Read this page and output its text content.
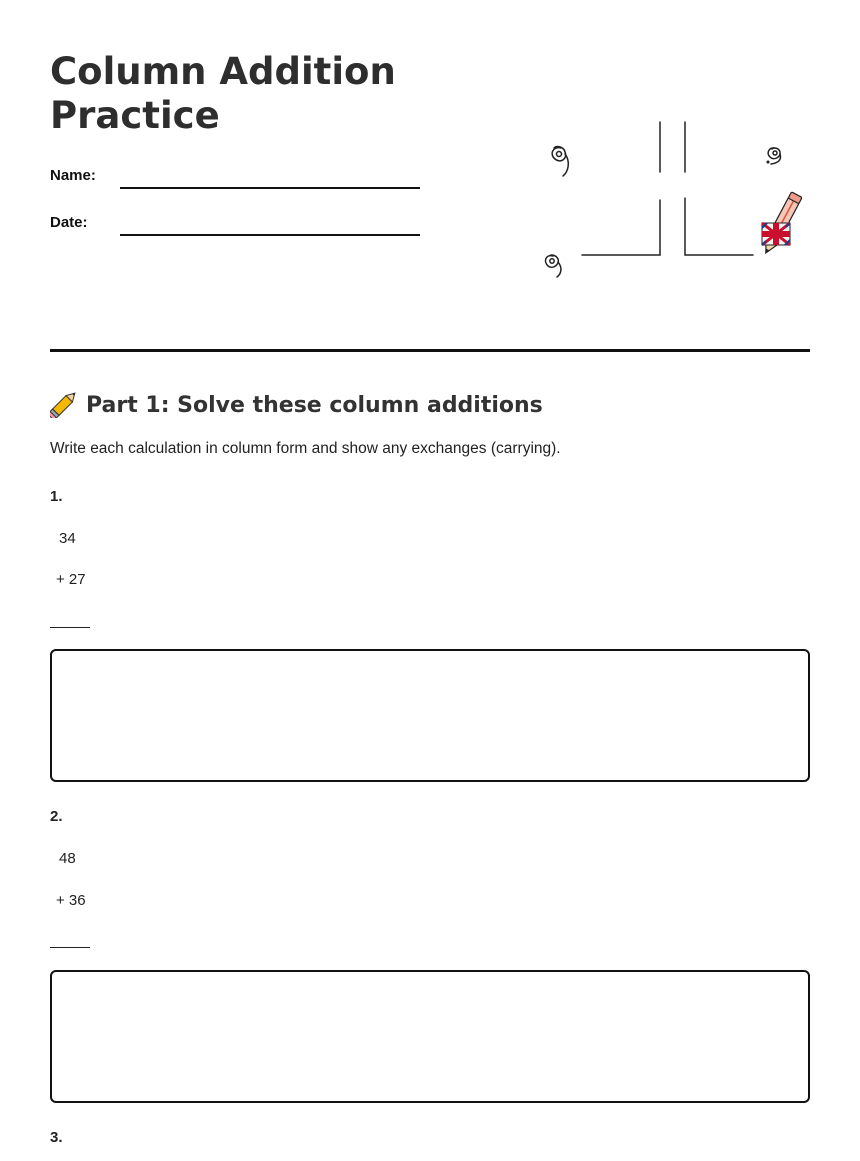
Column Addition Practice
Name:
Date:
Part 1: Solve these column additions
Write each calculation in column form and show any exchanges (carrying).
1.
34
+ 27
2.
48
+ 36
3.
